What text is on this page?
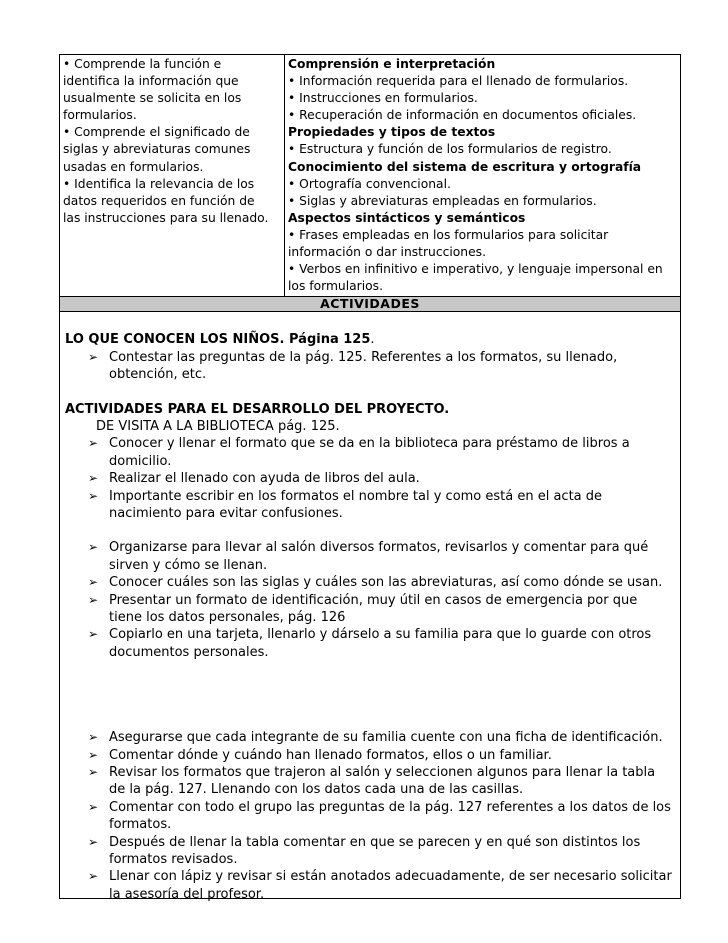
• Comprende la función e
identifica la información que
usualmente se solicita en los
formularios.
• Comprende el significado de
siglas y abreviaturas comunes
usadas en formularios.
• Identifica la relevancia de los
datos requeridos en función de
las instrucciones para su llenado.

Comprensión e interpretación
• Información requerida para el llenado de formularios.
• Instrucciones en formularios.
• Recuperación de información en documentos oficiales.
Propiedades y tipos de textos
• Estructura y función de los formularios de registro.
Conocimiento del sistema de escritura y ortografía
• Ortografía convencional.
• Siglas y abreviaturas empleadas en formularios.
Aspectos sintácticos y semánticos
• Frases empleadas en los formularios para solicitar información o dar instrucciones.
• Verbos en infinitivo e imperativo, y lenguaje impersonal en los formularios.
ACTIVIDADES
LO QUE CONOCEN LOS NIÑOS. Página 125.
➢ Contestar las preguntas de la pág. 125. Referentes a los formatos, su llenado, obtención, etc.
ACTIVIDADES PARA EL DESARROLLO DEL PROYECTO.
DE VISITA A LA BIBLIOTECA pág. 125.
➢ Conocer y llenar el formato que se da en la biblioteca para préstamo de libros a domicilio.
➢ Realizar el llenado con ayuda de libros del aula.
➢ Importante escribir en los formatos el nombre tal y como está en el acta de nacimiento para evitar confusiones.
➢ Organizarse para llevar al salón diversos formatos, revisarlos y comentar para qué sirven y cómo se llenan.
➢ Conocer cuáles son las siglas y cuáles son las abreviaturas, así como dónde se usan.
➢ Presentar un formato de identificación, muy útil en casos de emergencia por que tiene los datos personales, pág. 126
➢ Copiarlo en una tarjeta, llenarlo y dárselo a su familia para que lo guarde con otros documentos personales.
➢ Asegurarse que cada integrante de su familia cuente con una ficha de identificación.
➢ Comentar dónde y cuándo han llenado formatos, ellos o un familiar.
➢ Revisar los formatos que trajeron al salón y seleccionen algunos para llenar la tabla de la pág. 127. Llenando con los datos cada una de las casillas.
➢ Comentar con todo el grupo las preguntas de la pág. 127 referentes a los datos de los formatos.
➢ Después de llenar la tabla comentar en que se parecen y en qué son distintos los formatos revisados.
➢ Llenar con lápiz y revisar si están anotados adecuadamente, de ser necesario solicitar la asesoría del profesor.
